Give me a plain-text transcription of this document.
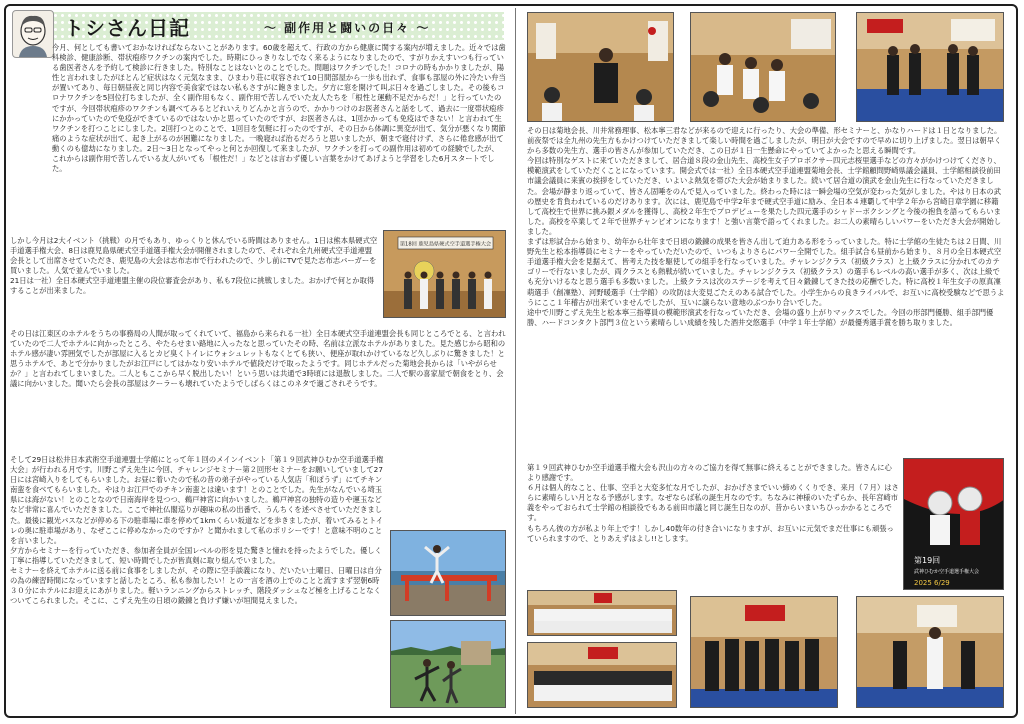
トシさん日記	～ 副作用と闘いの日々 ～

今月、何としても書いておかなければならないことがあります。60歳を超えて、行政の方から健康に関する案内が増えました。近々では歯科検診、健康診断、帯状疱疹ワクチンの案内でした。時期にひっきりなしでなく来るようになりましたので、すがりかえすいつも行っている歯医者さんを予約して検診に行きました。特別なことはないとのことでした。問題はワクチンでした！コロナの時もかかりましたが、陽性と言われましたがほとんど症状はなく元気なまま、ひまわり荘に収容されて10日間部屋から一歩も出れず、食事も部屋の外に冷たい弁当が置いてあり、毎日朝昼夜と同じ内容で美食家ではない私もさすがに飽きました。夕方に窓を開けて叫ぶ日々を過ごしました。その後もコロナワクチンを5回位打ちましたが、全く副作用もなく、副作用で苦しんでいた友人たちを「根性と運動不足だからだ！」と行っていたのですが、今回帯状疱疹のワクチンも調べてみるとどれいえりどんかと言うので、かかりつけのお医者さんと話をして、過去に一度帯状疱疹にかかっていたので免疫ができているのではないかと思っていたのですが、お医者さんは、1回かかっても免疫はできない！と言われて生ワクチンを打つことにしました。2回打つとのことで、1回目を気軽に打ったのですが、その日から体調に異変が出て、気分が悪くなり関節痛のような症状が出て、起き上がるのが困難になりました。一晩寝れば治るだろうと思いましたが、朝まで寝付けず、さらに倦怠感が出て動くのも億劫になりました。2日〜3日となってやっと何とか回復して来ましたが、ワクチンを打っての副作用は初めての経験でしたが、これからは副作用で苦しんでいる友人がいても「根性だ！」などとは言わず優しい言葉をかけてあげようと学習をした6月スタートでした。

しかし今月は2大イベント（挑戦）の月でもあり、ゆっくりと休んでいる時間はありません。1日は熊本県硬式空手道選手権大会、8日は鹿児島県硬式空手道選手権大会が開催されましたので、それぞれ全九州硬式空手道連盟会長として出席させていただき、鹿児島の大会は志布志市で行われたので、少し前にTVで見た志布志バーガーを買いました。人気で並んでいました。

21日は一社）全日本硬式空手道連盟主催の段位審査会があり、私も7段位に挑戦しました。おかげで何とか取得することが出来ました。

その日は江東区のホテルをうちの事務局の人間が取ってくれていて、福島から来られる一社）全日本硬式空手道連盟会長も同じところでとる、と言われていたので二人でホテルに向かったところ、やたらせまい路地に入ったなと思っていたその時、名前は立派なホテルがありました。見た感じから昭和のホテル感が凄い雰囲気でしたが部屋に入るとカビ臭くトイレにウォシュレットもなくとても狭い、便座が取れかけているなど久しぶりに驚きました！と思うホテルで、あとで分かりましたがお江戸にしてはかなり安いホテルで値段だけで取ったようです。同じホテルだった菊地会長からは「いやがらせか？」と言われてしまいました。二人ともここから早く脱出したい！という思いは共通で3時頃には退散しました。二人で駅の喜家屋で朝食をとり、会議に向かいました。聞いたら会長の部屋はクーラーも壊れていたようでしばらくはこのネタで過ごされそうです。

そして29日は松井日本武術空手道連盟士学館にとって年１回のメインイベント「第１９回武神ひむか空手道選手権大会」が行われる月です。川野こずえ先生に今回、チャレンジセミナー第２回形セミナーをお願いしていまして27日には宮崎入りをしてもらいました。お昼に着いたので私の昔の弟子がやっている人気店「和ぽうず」にてチキン南蛮を食べてもらいました。やはりお江戸でのチキン南蛮とは違います！とのことでした。先生がなんでいる埼玉県には海がない！とのことなので日南海岸を見つつ、鵜戸神宮に向かいました。鵜戸神宮の独特の造りや運玉などなど非常に喜んでいただきました。ここで神社仏閣巡りが趣味の私の出番で、うんちくを述べさせていただきました。最後に観光バスなどが停める下の駐車場に車を停めて1kmくらい坂道などを歩きましたが、着いてみるとトイレの奥に駐車場があり、なぜここに停めなかったのですか？と聞かれまして私のポリシーです！と意味不明のことを言いました。

夕方からセミナーを行っていただき、参加者全員が全国レベルの形を見た驚きと憧れを持ったようでした。優しく丁寧に指導していただきまして、短い時間でしたが皆真剣に取り組んでいました。

セミナーを終えてホテルに送る前に食事をしましたが、その際に空手談義になり、だいたい土曜日、日曜日は自分の為の練習時間になっていますと話したところ、私も参加したい！との一言を酒の上でのことと流すまず翌朝6時３０分にホテルにお迎えにあがりました。軽いランニングからストレッチ、階段ダッシュなど極を上げることなくついてこられました。そこに、こずえ先生の日頃の鍛錬と負けず嫌いが垣間見えました。

第18回 鹿児島県硬式空手道選手権大会

その日は菊地会長、川井常務理事、松本寧三君などが来るので迎えに行ったり、大会の準備、形セミナーと、かなりハードは１日となりました。前夜祭では全九州の先生方もかけつけていただきまして楽しい時間を過ごしましたが、明日が大会ですので早めに切り上げました。翌日は朝早くから多数の先生方、選手の皆さんが参加していただき、この日が１日一生懸命にやっていてよかったと思える瞬間です。

今回は特別なゲストに来ていただきまして、居合道８段の金山先生、高校生女子プロボクサー四元志桜里選手などの方々がかけつけてくださり、模範演武をしていただくことになっています。開会式では一社）全日本硬式空手道連盟菊地会長、士学館顧問野崎県議会議員、士学館相談役前田市議会議員に来賓の挨拶をしていただき、いよいよ熱気を帯びた大会が始まりました。続いて居合道の演武を金山先生に行なっていただきました。会場が静まり返っていて、皆さん固唾をのんで見入っていました。終わった時には一瞬会場の空気が変わった気がしました。やはり日本の武の歴史を肯負われているのだけあります。次には、鹿児島で中学2年まで硬式空手道に励み、全日本４連覇して中学２年から宮崎日章学園に移籍して高校生で世界に挑み銀メダルを獲得し、高校２年生でプロデビューを果たした四元選手のシャドーボクシングと今後の抱負を語ってもらいました。高校を卒業して２年で世界チャンピオンになります！と強い言葉で語ってくれました。お二人の素晴らしいパワーをいただき大会が開始しました。

まずは形試合から始まり、幼年から壮年まで日頃の鍛錬の成果を皆さん出して迫力ある形をうっていました。特に士学館の生徒たちは２日間、川野先生と松本指導員にセミナーをやっていただいたので、いつもよりさらにパワー全開でした。組手試合も昼前から始まり、８月の全日本硬式空手道選手権大会を見据えて、皆考えた技を駆使しての組手を行なっていました。チャレンジクラス（初級クラス）と上級クラスに分かれてのカテゴリーで行ないましたが、両クラスとも熱戦が続いていました。チャレンジクラス（初級クラス）の選手もレベルの高い選手が多く、次は上級でも充分いけるなと思う選手も多数いました。上級クラスは次のステージを考えて日々鍛錬してきた技の応酬でした。特に高校１年生女子の原真凜萌選手（創凜塾）、河野暖選手（士学館）の攻防は大変見ごたえのある試合でした。小学生からの良きライバルで、お互いに高校受験などで思うようにここ１年稽古が出来ていませんでしたが、互いに譲らない意地のぶつかり合いでした。

途中で川野こずえ先生と松本寧三指導員の模範形演武を行なっていただき、会場の盛り上がりマックスでした。今回の形部門優勝、組手部門優勝、ハードコンタクト部門３位という素晴らしい成績を残した酒井交悠選手（中学１年士学館）が最優秀選手賞を勝ち取りました。

第１９回武神ひむか空手道選手権大会も沢山の方々のご協力を得て無事に終えることができました。皆さんに心より感謝です。

６月は個人的なこと、仕事、空手と大変多忙な月でしたが、おかげさまでいい締めくくりでき、来月（７月）はさらに素晴らしい月となる予感がします。なぜならば私の誕生月なのです。ちなみに神様のいたずらか、長年宮崎市義をやっておられて士学館の相談役でもある前田市議と同じ誕生日なのが、昔からいまいちひっかかるところです。

もちろん彼の方が私より年上です！しかし40数年の付き合いになりますが、お互いに元気でまだ仕事にも頑張っていられますので、とりあえずはよし!!とします。

第19回
武神ひむか空手道選手権大会
2025 6/29
